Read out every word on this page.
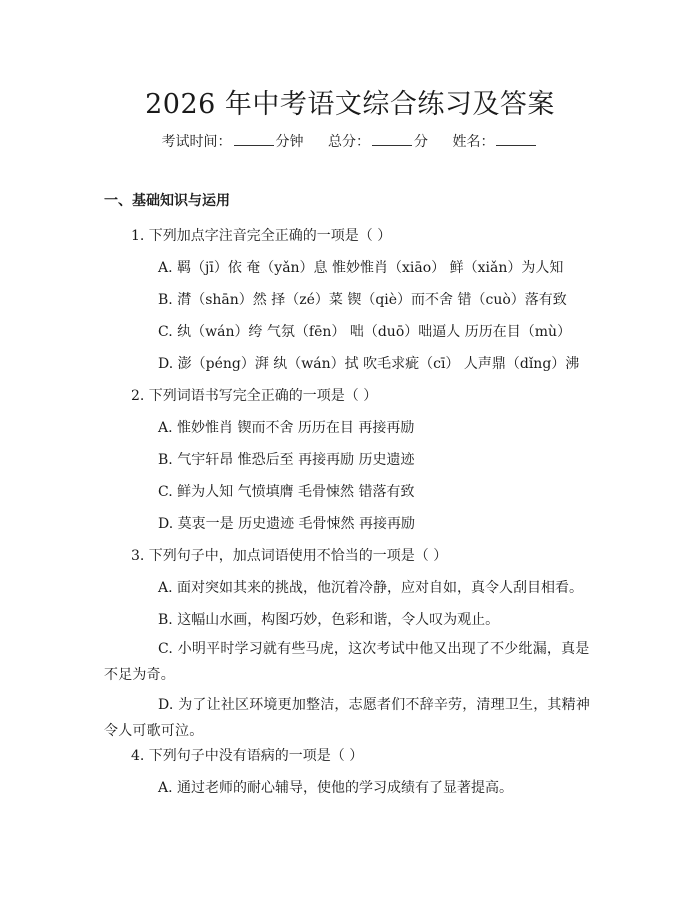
2026 年中考语文综合练习及答案
考试时间：	分钟 总分：	分 姓名：
一、基础知识与运用
1. 下列加点字注音完全正确的一项是（ ）
A. 羁（jī）依 奄（yǎn）息 惟妙惟肖（xiāo） 鲜（xiǎn）为人知
B. 潸（shān）然 择（zé）菜 锲（qiè）而不舍 错（cuò）落有致
C. 纨（wán）绔 气氛（fēn） 咄（duō）咄逼人 历历在目（mù）
D. 澎（péng）湃 纨（wán）拭 吹毛求疵（cī） 人声鼎（dǐng）沸
2. 下列词语书写完全正确的一项是（ ）
A. 惟妙惟肖 锲而不舍 历历在目 再接再励
B. 气宇轩昂 惟恐后至 再接再励 历史遗迹
C. 鲜为人知 气愤填膺 毛骨悚然 错落有致
D. 莫衷一是 历史遗迹 毛骨悚然 再接再励
3. 下列句子中，加点词语使用不恰当的一项是（ ）
A. 面对突如其来的挑战，他沉着冷静，应对自如，真令人刮目相看。
B. 这幅山水画，构图巧妙，色彩和谐，令人叹为观止。
C. 小明平时学习就有些马虎，这次考试中他又出现了不少纰漏，真是不足为奇。
D. 为了让社区环境更加整洁，志愿者们不辞辛劳，清理卫生，其精神令人可歌可泣。
4. 下列句子中没有语病的一项是（ ）
A. 通过老师的耐心辅导，使他的学习成绩有了显著提高。
